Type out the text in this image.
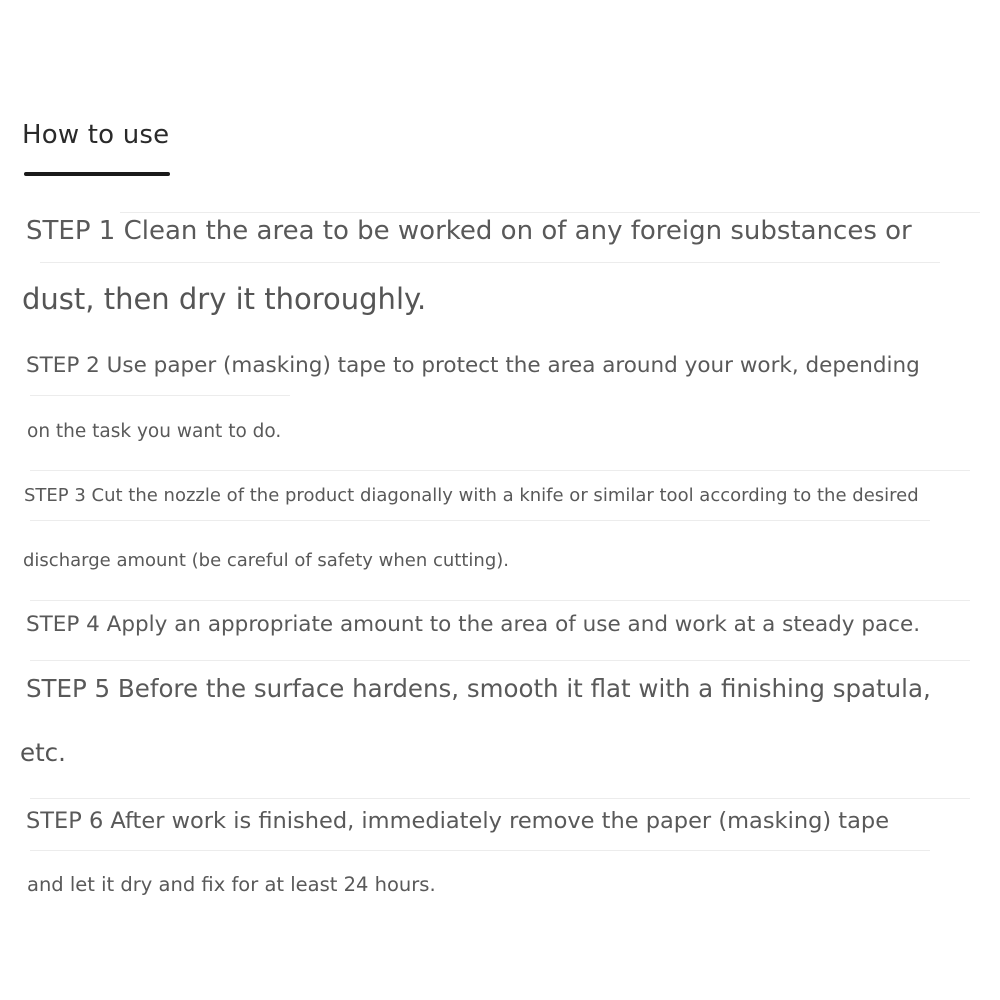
How to use
STEP 1 Clean the area to be worked on of any foreign substances or
dust, then dry it thoroughly.
STEP 2 Use paper (masking) tape to protect the area around your work, depending
on the task you want to do.
STEP 3 Cut the nozzle of the product diagonally with a knife or similar tool according to the desired
discharge amount (be careful of safety when cutting).
STEP 4 Apply an appropriate amount to the area of use and work at a steady pace.
STEP 5 Before the surface hardens, smooth it flat with a finishing spatula,
etc.
STEP 6 After work is finished, immediately remove the paper (masking) tape
and let it dry and fix for at least 24 hours.
